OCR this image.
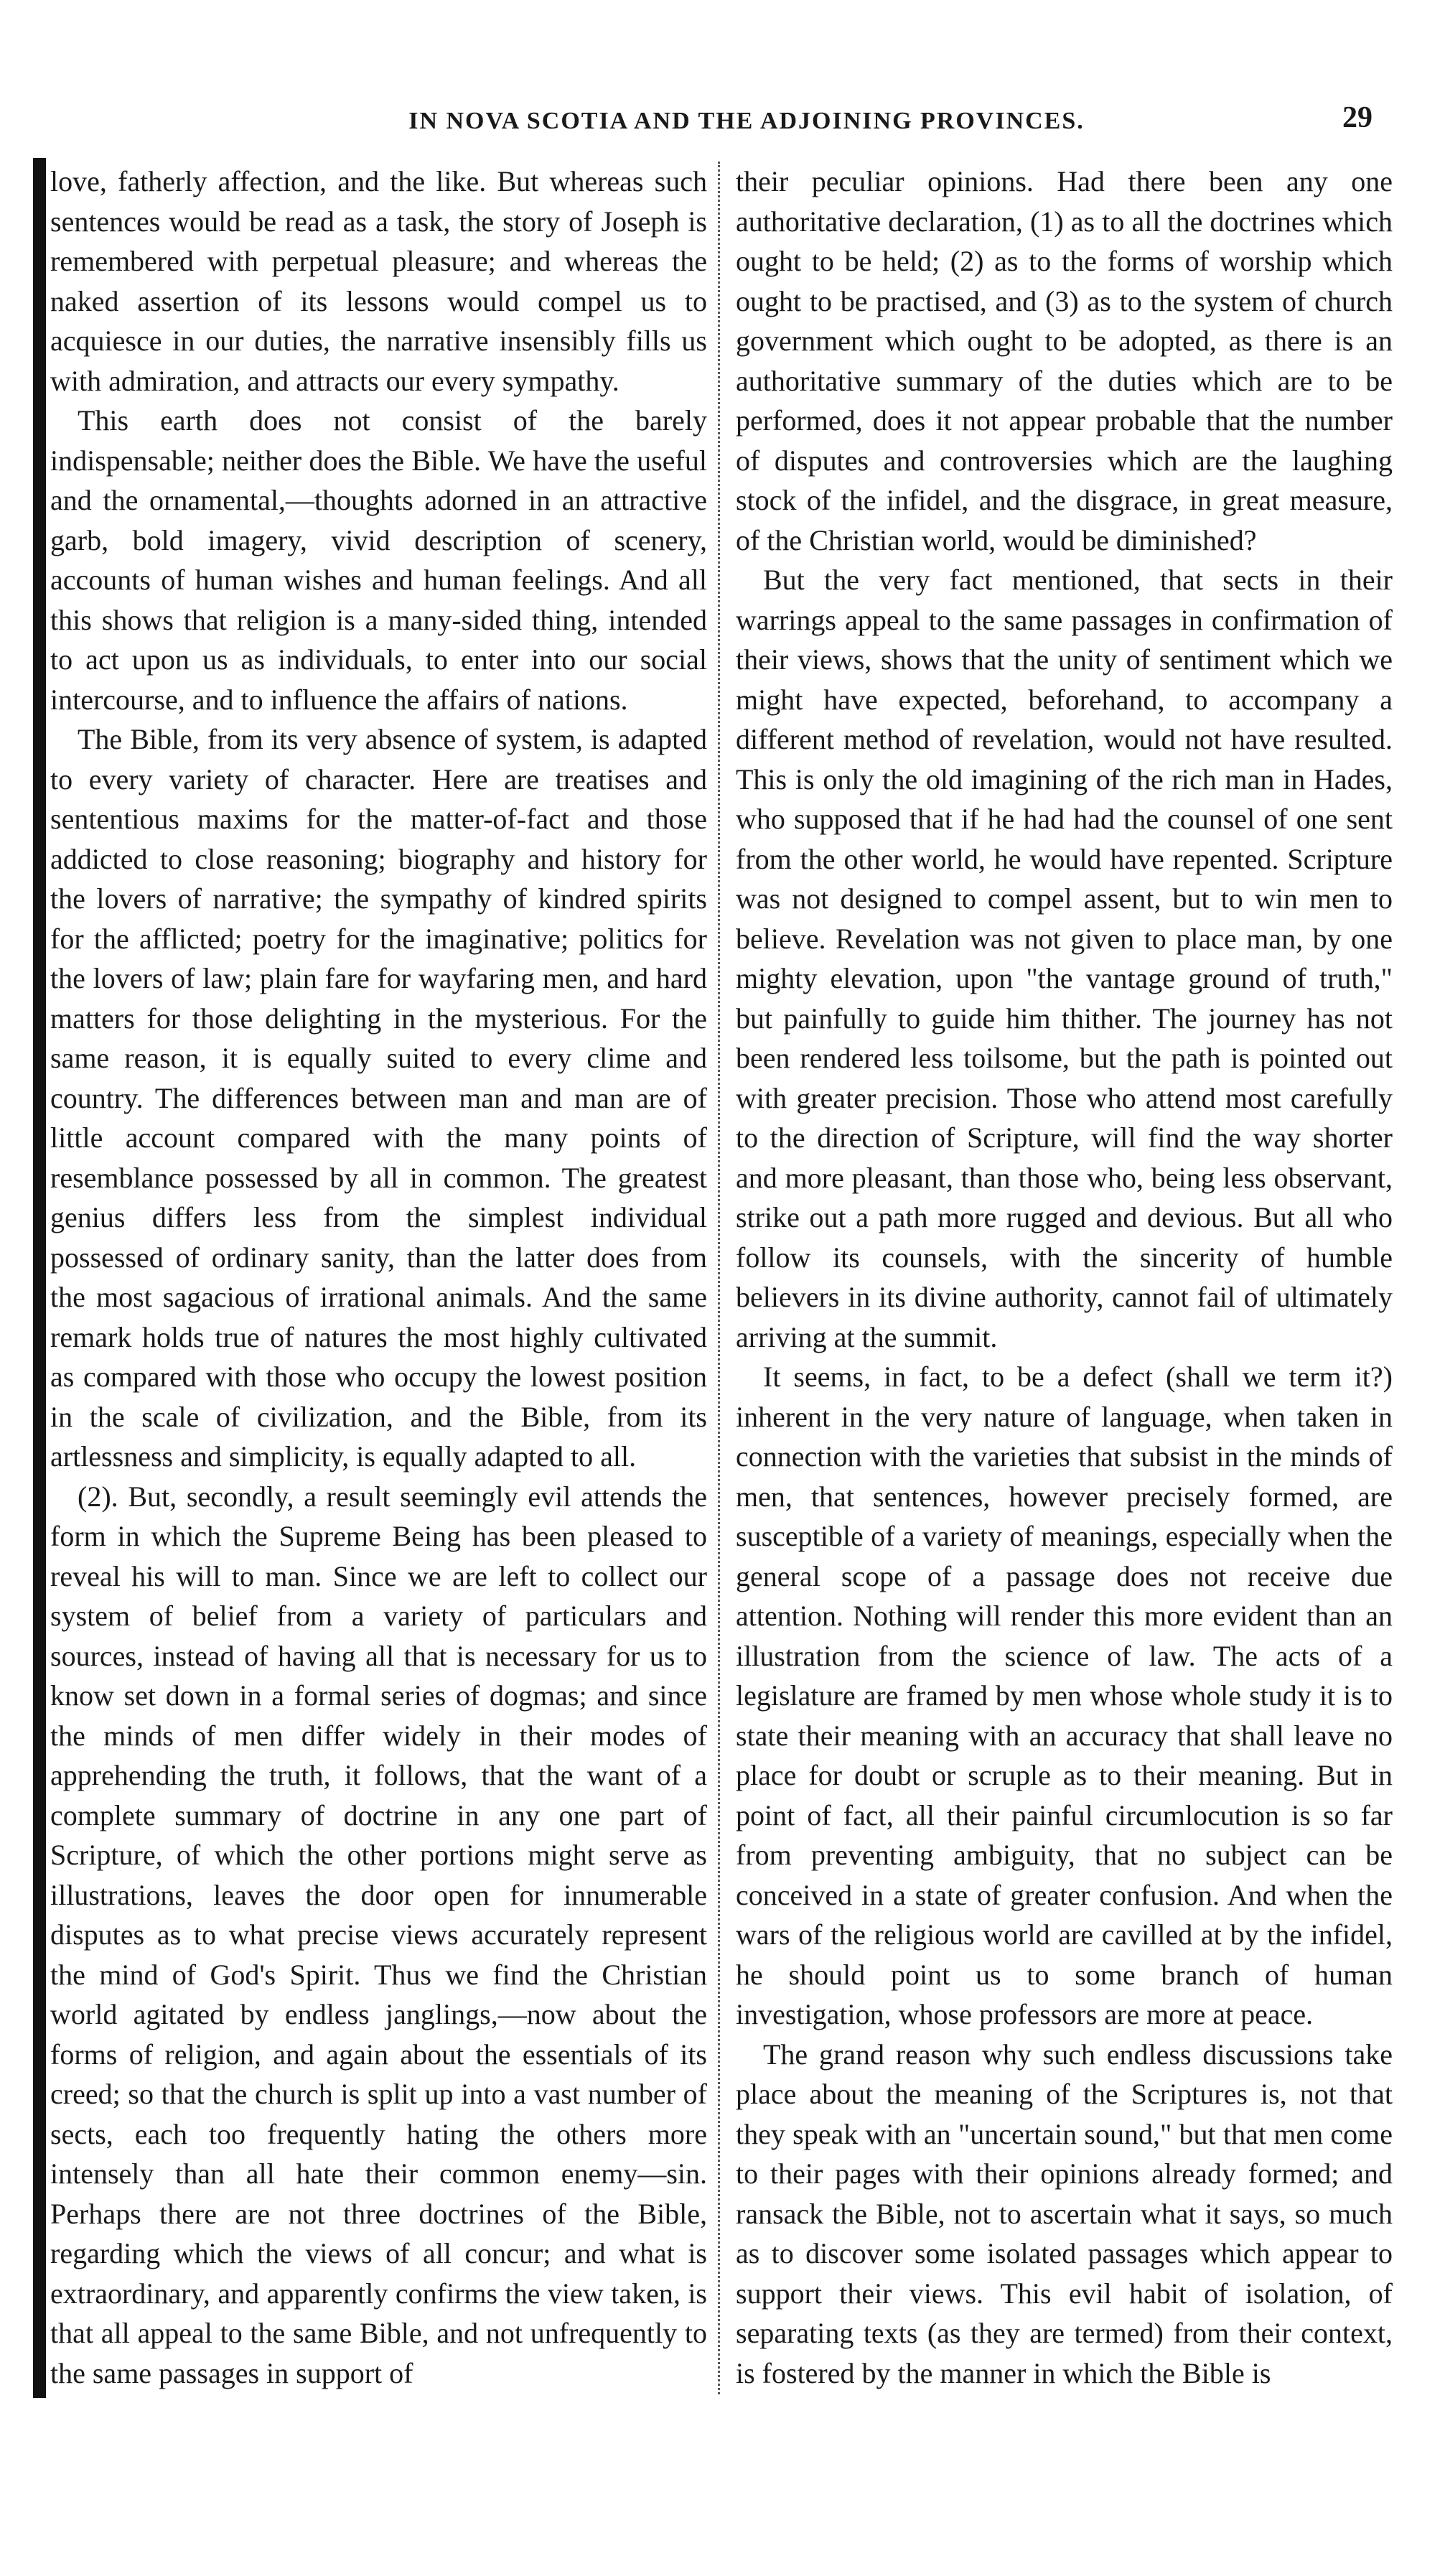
IN NOVA SCOTIA AND THE ADJOINING PROVINCES.	29

love, fatherly affection, and the like. But whereas such sentences would be read as a task, the story of Joseph is remembered with perpetual pleasure; and whereas the naked assertion of its lessons would compel us to acquiesce in our duties, the narrative insensibly fills us with admiration, and attracts our every sympathy.

This earth does not consist of the barely indispensable; neither does the Bible. We have the useful and the ornamental,—thoughts adorned in an attractive garb, bold imagery, vivid description of scenery, accounts of human wishes and human feelings. And all this shows that religion is a many-sided thing, intended to act upon us as individuals, to enter into our social intercourse, and to influence the affairs of nations.

The Bible, from its very absence of system, is adapted to every variety of character. Here are treatises and sententious maxims for the matter-of-fact and those addicted to close reasoning; biography and history for the lovers of narrative; the sympathy of kindred spirits for the afflicted; poetry for the imaginative; politics for the lovers of law; plain fare for wayfaring men, and hard matters for those delighting in the mysterious. For the same reason, it is equally suited to every clime and country. The differences between man and man are of little account compared with the many points of resemblance possessed by all in common. The greatest genius differs less from the simplest individual possessed of ordinary sanity, than the latter does from the most sagacious of irrational animals. And the same remark holds true of natures the most highly cultivated as compared with those who occupy the lowest position in the scale of civilization, and the Bible, from its artlessness and simplicity, is equally adapted to all.

(2). But, secondly, a result seemingly evil attends the form in which the Supreme Being has been pleased to reveal his will to man. Since we are left to collect our system of belief from a variety of particulars and sources, instead of having all that is necessary for us to know set down in a formal series of dogmas; and since the minds of men differ widely in their modes of apprehending the truth, it follows, that the want of a complete summary of doctrine in any one part of Scripture, of which the other portions might serve as illustrations, leaves the door open for innumerable disputes as to what precise views accurately represent the mind of God's Spirit. Thus we find the Christian world agitated by endless janglings,—now about the forms of religion, and again about the essentials of its creed; so that the church is split up into a vast number of sects, each too frequently hating the others more intensely than all hate their common enemy—sin. Perhaps there are not three doctrines of the Bible, regarding which the views of all concur; and what is extraordinary, and apparently confirms the view taken, is that all appeal to the same Bible, and not unfrequently to the same passages in support of

their peculiar opinions. Had there been any one authoritative declaration, (1) as to all the doctrines which ought to be held; (2) as to the forms of worship which ought to be practised, and (3) as to the system of church government which ought to be adopted, as there is an authoritative summary of the duties which are to be performed, does it not appear probable that the number of disputes and controversies which are the laughing stock of the infidel, and the disgrace, in great measure, of the Christian world, would be diminished?

But the very fact mentioned, that sects in their warrings appeal to the same passages in confirmation of their views, shows that the unity of sentiment which we might have expected, beforehand, to accompany a different method of revelation, would not have resulted. This is only the old imagining of the rich man in Hades, who supposed that if he had had the counsel of one sent from the other world, he would have repented. Scripture was not designed to compel assent, but to win men to believe. Revelation was not given to place man, by one mighty elevation, upon "the vantage ground of truth," but painfully to guide him thither. The journey has not been rendered less toilsome, but the path is pointed out with greater precision. Those who attend most carefully to the direction of Scripture, will find the way shorter and more pleasant, than those who, being less observant, strike out a path more rugged and devious. But all who follow its counsels, with the sincerity of humble believers in its divine authority, cannot fail of ultimately arriving at the summit.

It seems, in fact, to be a defect (shall we term it?) inherent in the very nature of language, when taken in connection with the varieties that subsist in the minds of men, that sentences, however precisely formed, are susceptible of a variety of meanings, especially when the general scope of a passage does not receive due attention. Nothing will render this more evident than an illustration from the science of law. The acts of a legislature are framed by men whose whole study it is to state their meaning with an accuracy that shall leave no place for doubt or scruple as to their meaning. But in point of fact, all their painful circumlocution is so far from preventing ambiguity, that no subject can be conceived in a state of greater confusion. And when the wars of the religious world are cavilled at by the infidel, he should point us to some branch of human investigation, whose professors are more at peace.

The grand reason why such endless discussions take place about the meaning of the Scriptures is, not that they speak with an "uncertain sound," but that men come to their pages with their opinions already formed; and ransack the Bible, not to ascertain what it says, so much as to discover some isolated passages which appear to support their views. This evil habit of isolation, of separating texts (as they are termed) from their context, is fostered by the manner in which the Bible is
